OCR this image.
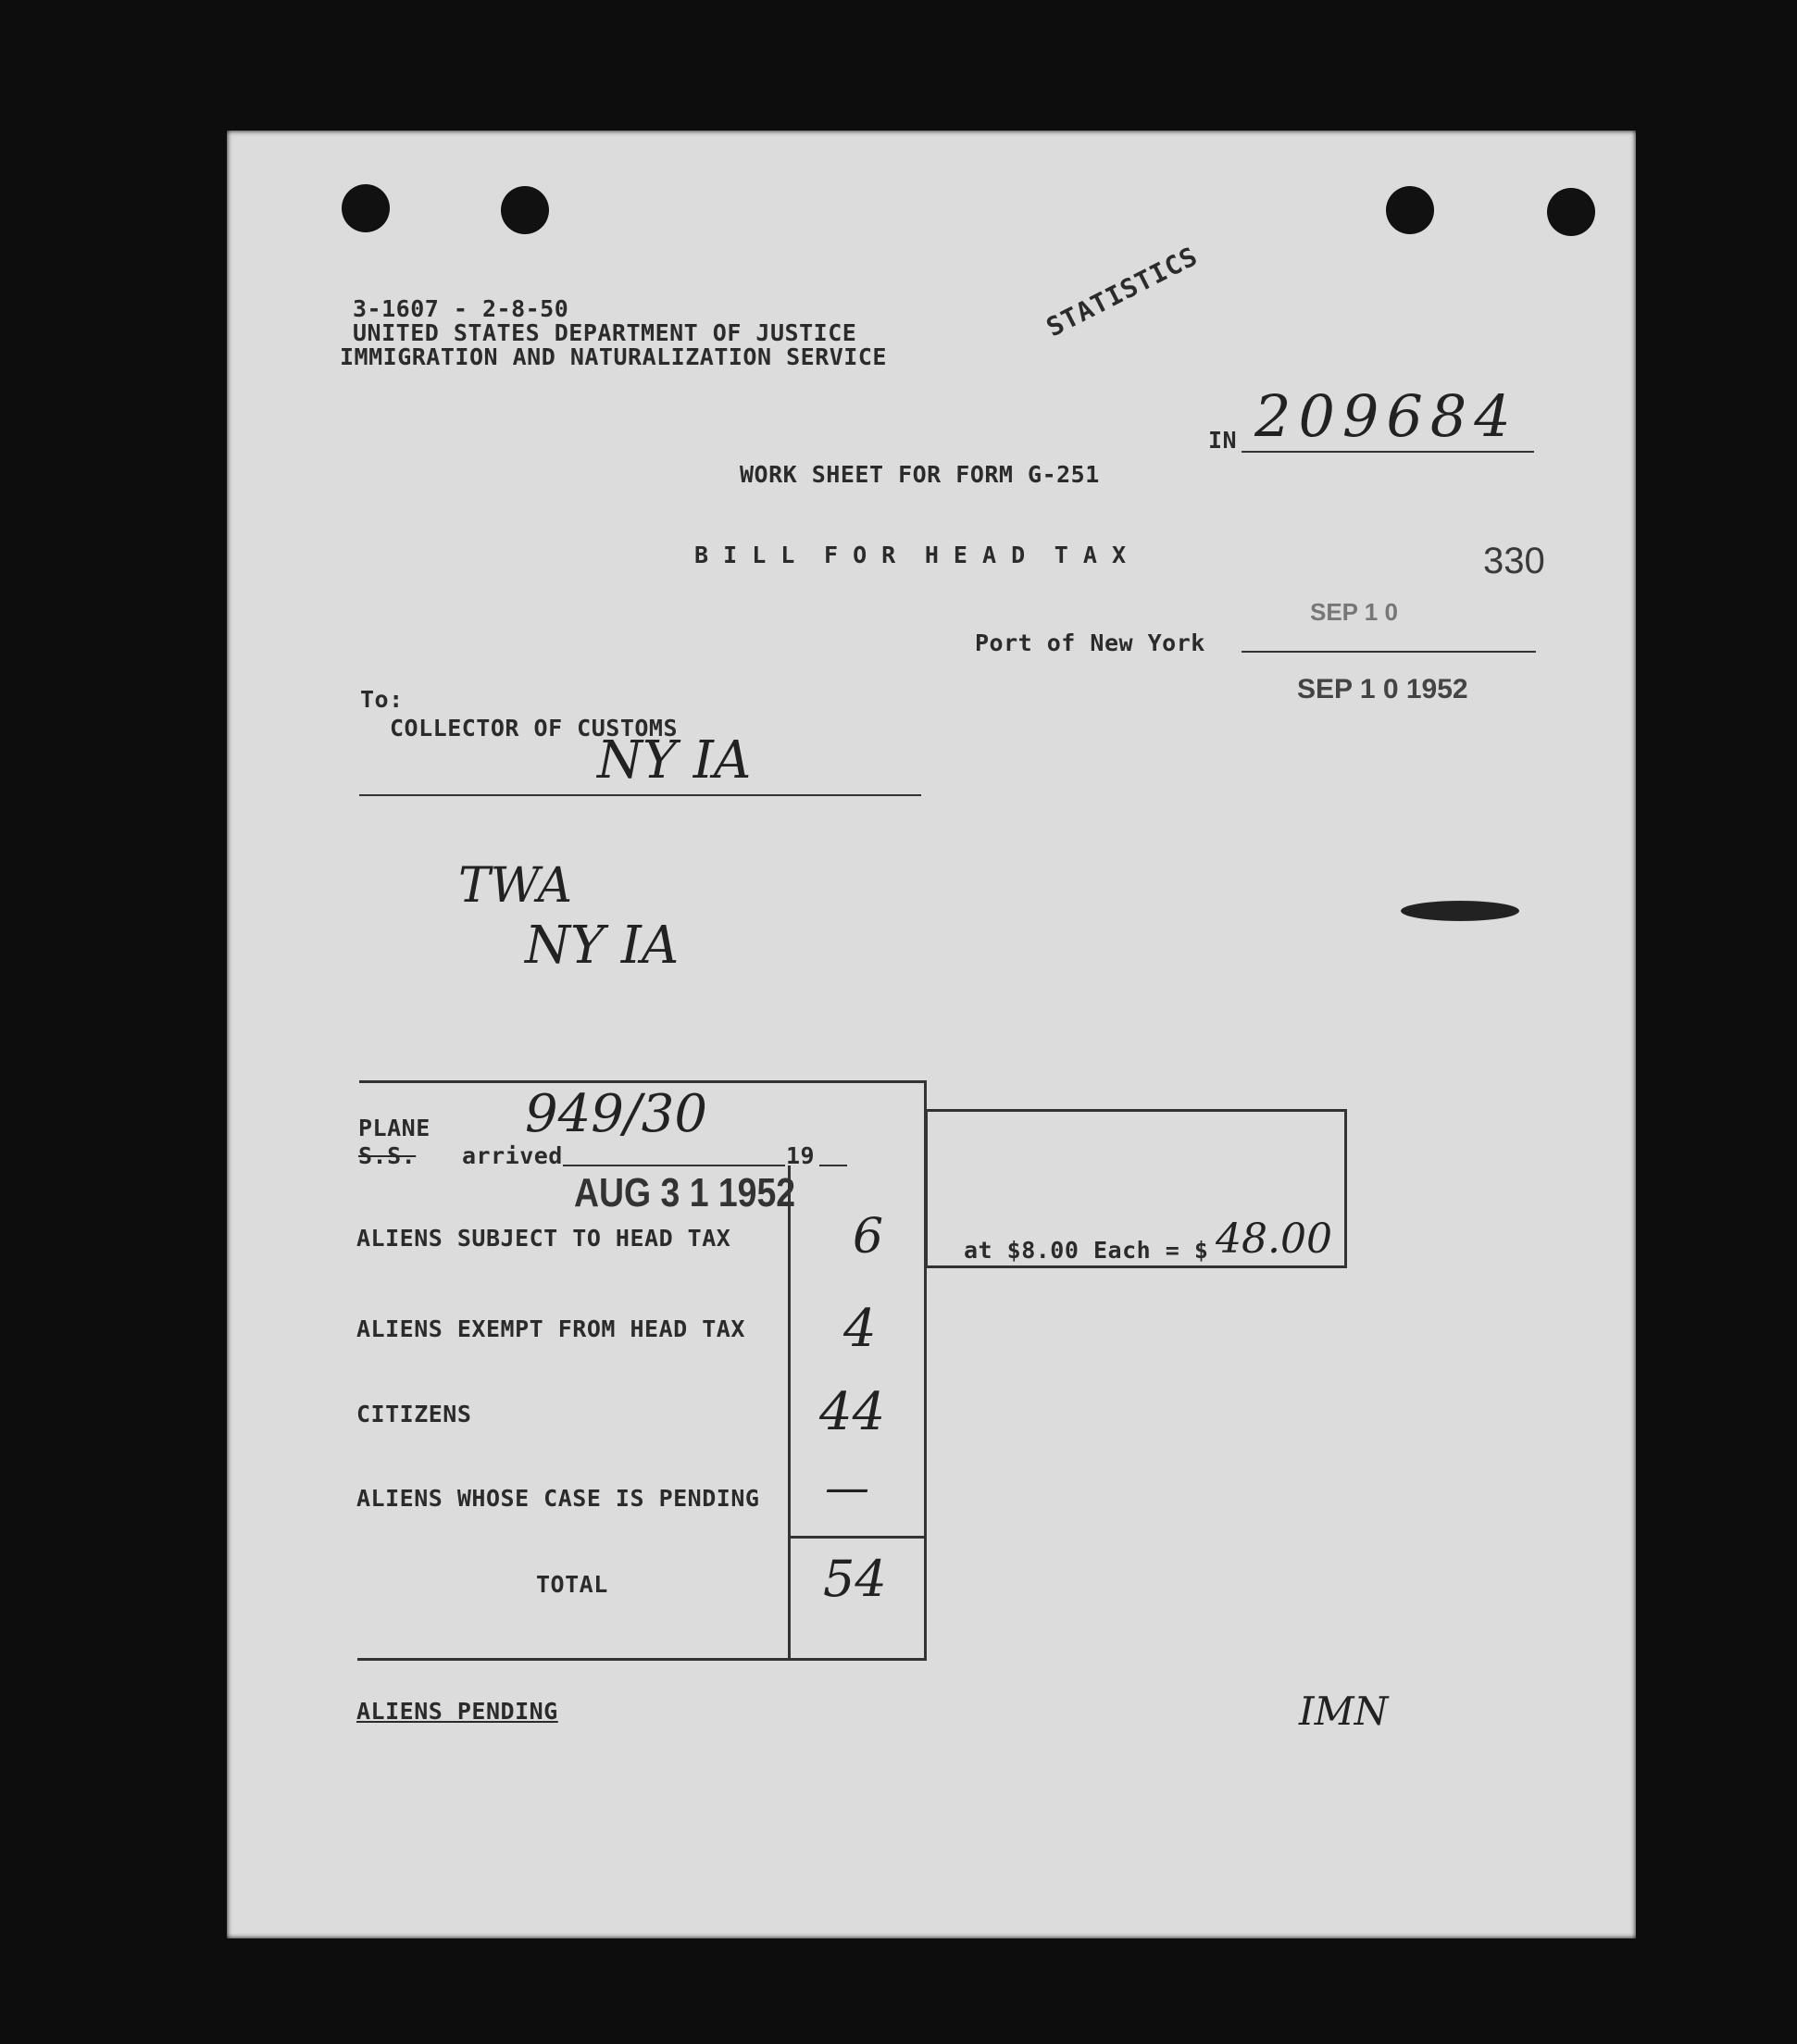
3-1607 - 2-8-50
UNITED STATES DEPARTMENT OF JUSTICE
IMMIGRATION AND NATURALIZATION SERVICE
STATISTICS
IN 209684
WORK SHEET FOR FORM G-251
B I L L  F O R  H E A D  T A X	330
SEP 1 0
Port of New York
SEP 1 0 1952
To:
COLLECTOR OF CUSTOMS
NY IA
TWA
NY IA
at $8.00 Each = $ 48.00
PLANE
S.S. arrived	19
949/30
AUG 3 1 1952
ALIENS SUBJECT TO HEAD TAX	6
ALIENS EXEMPT FROM HEAD TAX 4
CITIZENS	44
ALIENS WHOSE CASE IS PENDING —
TOTAL	54
ALIENS PENDING	IMN
